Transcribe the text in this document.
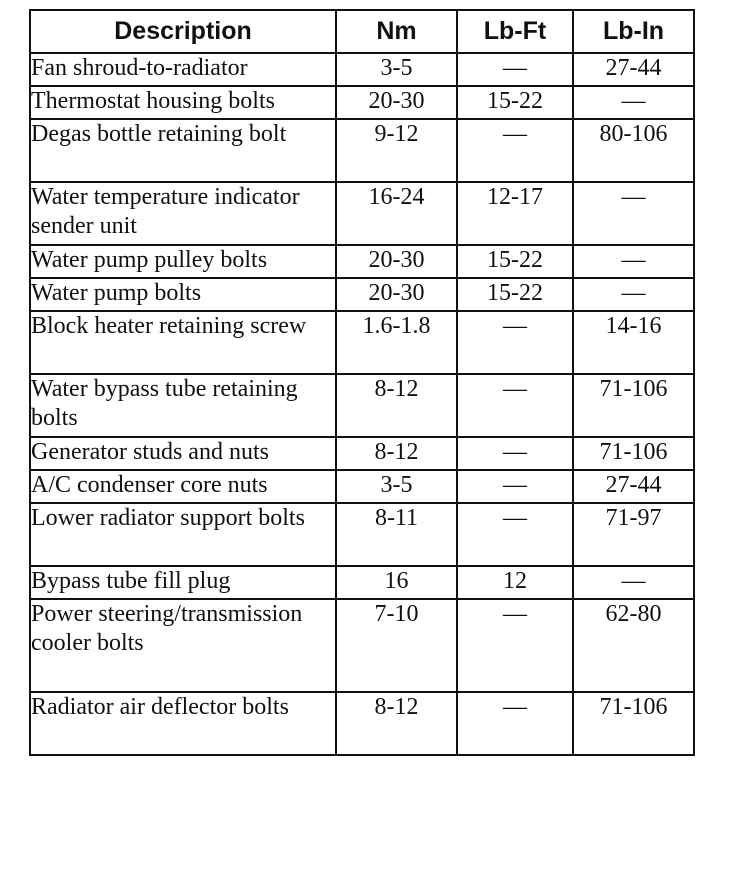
Description	Nm	Lb-Ft	Lb-In
Fan shroud-to-radiator	3-5	—	27-44
Thermostat housing bolts	20-30	15-22	—
Degas bottle retaining bolt	9-12	—	80-106
Water temperature indicator sender unit	16-24	12-17	—
Water pump pulley bolts	20-30	15-22	—
Water pump bolts	20-30	15-22	—
Block heater retaining screw	1.6-1.8	—	14-16
Water bypass tube retaining bolts	8-12	—	71-106
Generator studs and nuts	8-12	—	71-106
A/C condenser core nuts	3-5	—	27-44
Lower radiator support bolts	8-11	—	71-97
Bypass tube fill plug	16	12	—
Power steering/transmission cooler bolts	7-10	—	62-80
Radiator air deflector bolts	8-12	—	71-106
